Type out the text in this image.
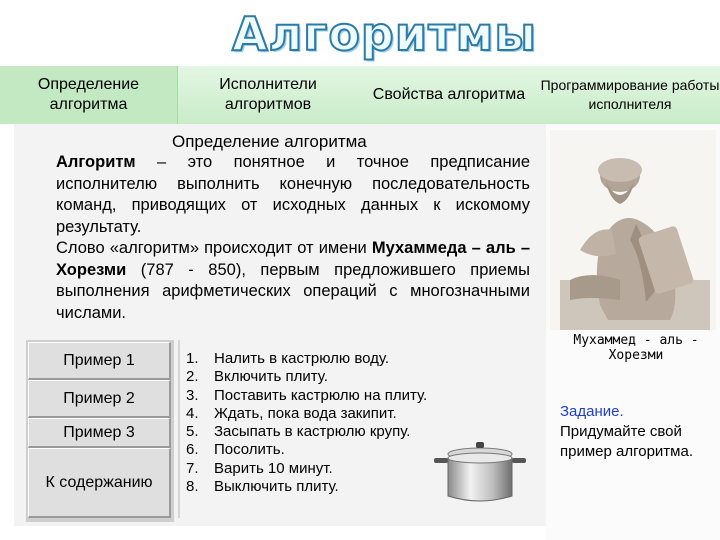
Алгоритмы
Определение алгоритма
Исполнители алгоритмов
Свойства алгоритма
Программирование работы исполнителя
Определение алгоритма

Алгоритм – это понятное и точное предписание исполнителю выполнить конечную последовательность команд, приводящих от исходных данных к искомому результату.

Слово «алгоритм» происходит от имени Мухаммеда – аль – Хорезми (787 - 850), первым предложившего приемы выполнения арифметических операций с многозначными числами.

Пример 1
Пример 2
Пример 3
К содержанию
1.	Налить в кастрюлю воду.
2.	Включить плиту.
3.	Поставить кастрюлю на плиту.
4.	Ждать, пока вода закипит.
5.	Засыпать в кастрюлю крупу.
6.	Посолить.
7.	Варить 10 минут.
8.	Выключить плиту.
Мухаммед - аль - Хорезми
Задание. Придумайте свой пример алгоритма.
